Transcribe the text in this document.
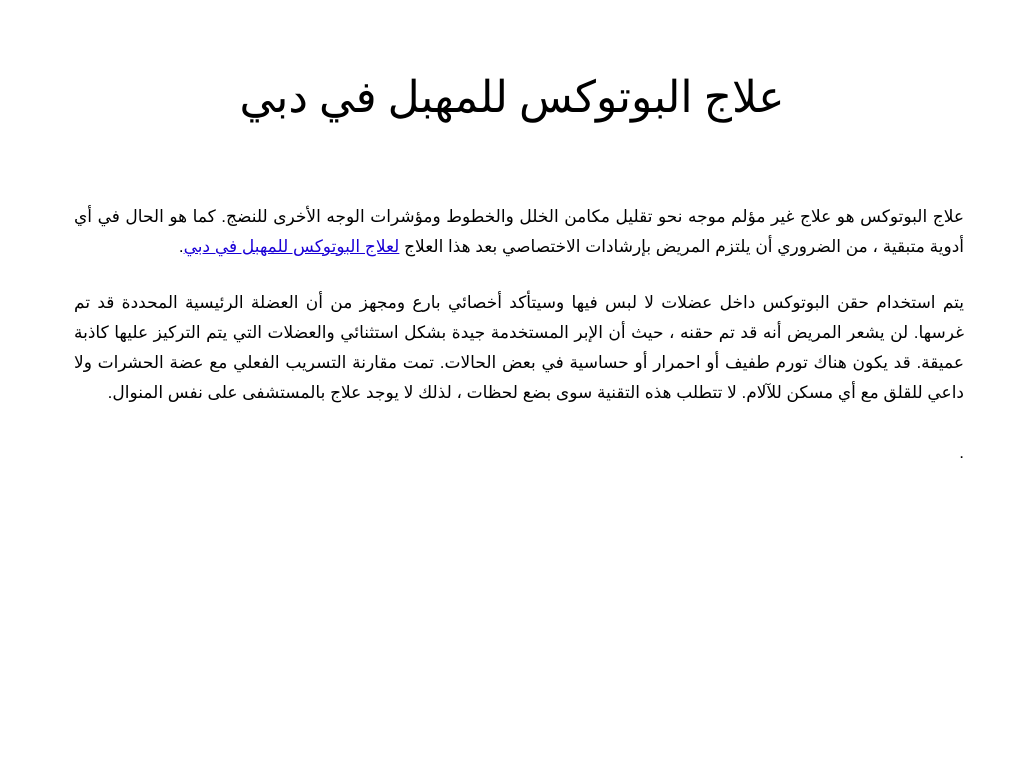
علاج البوتوكس للمهبل في دبي

علاج البوتوكس هو علاج غير مؤلم موجه نحو تقليل مكامن الخلل والخطوط ومؤشرات الوجه الأخرى للنضج. كما هو الحال في أي أدوية متبقية ، من الضروري أن يلتزم المريض بإرشادات الاختصاصي بعد هذا العلاج لعلاج البوتوكس للمهبل في دبي.

يتم استخدام حقن البوتوكس داخل عضلات لا لبس فيها وسيتأكد أخصائي بارع ومجهز من أن العضلة الرئيسية المحددة قد تم غرسها. لن يشعر المريض أنه قد تم حقنه ، حيث أن الإبر المستخدمة جيدة بشكل استثنائي والعضلات التي يتم التركيز عليها كاذبة عميقة. قد يكون هناك تورم طفيف أو احمرار أو حساسية في بعض الحالات. تمت مقارنة التسريب الفعلي مع عضة الحشرات ولا داعي للقلق مع أي مسكن للآلام. لا تتطلب هذه التقنية سوى بضع لحظات ، لذلك لا يوجد علاج بالمستشفى على نفس المنوال.

.
